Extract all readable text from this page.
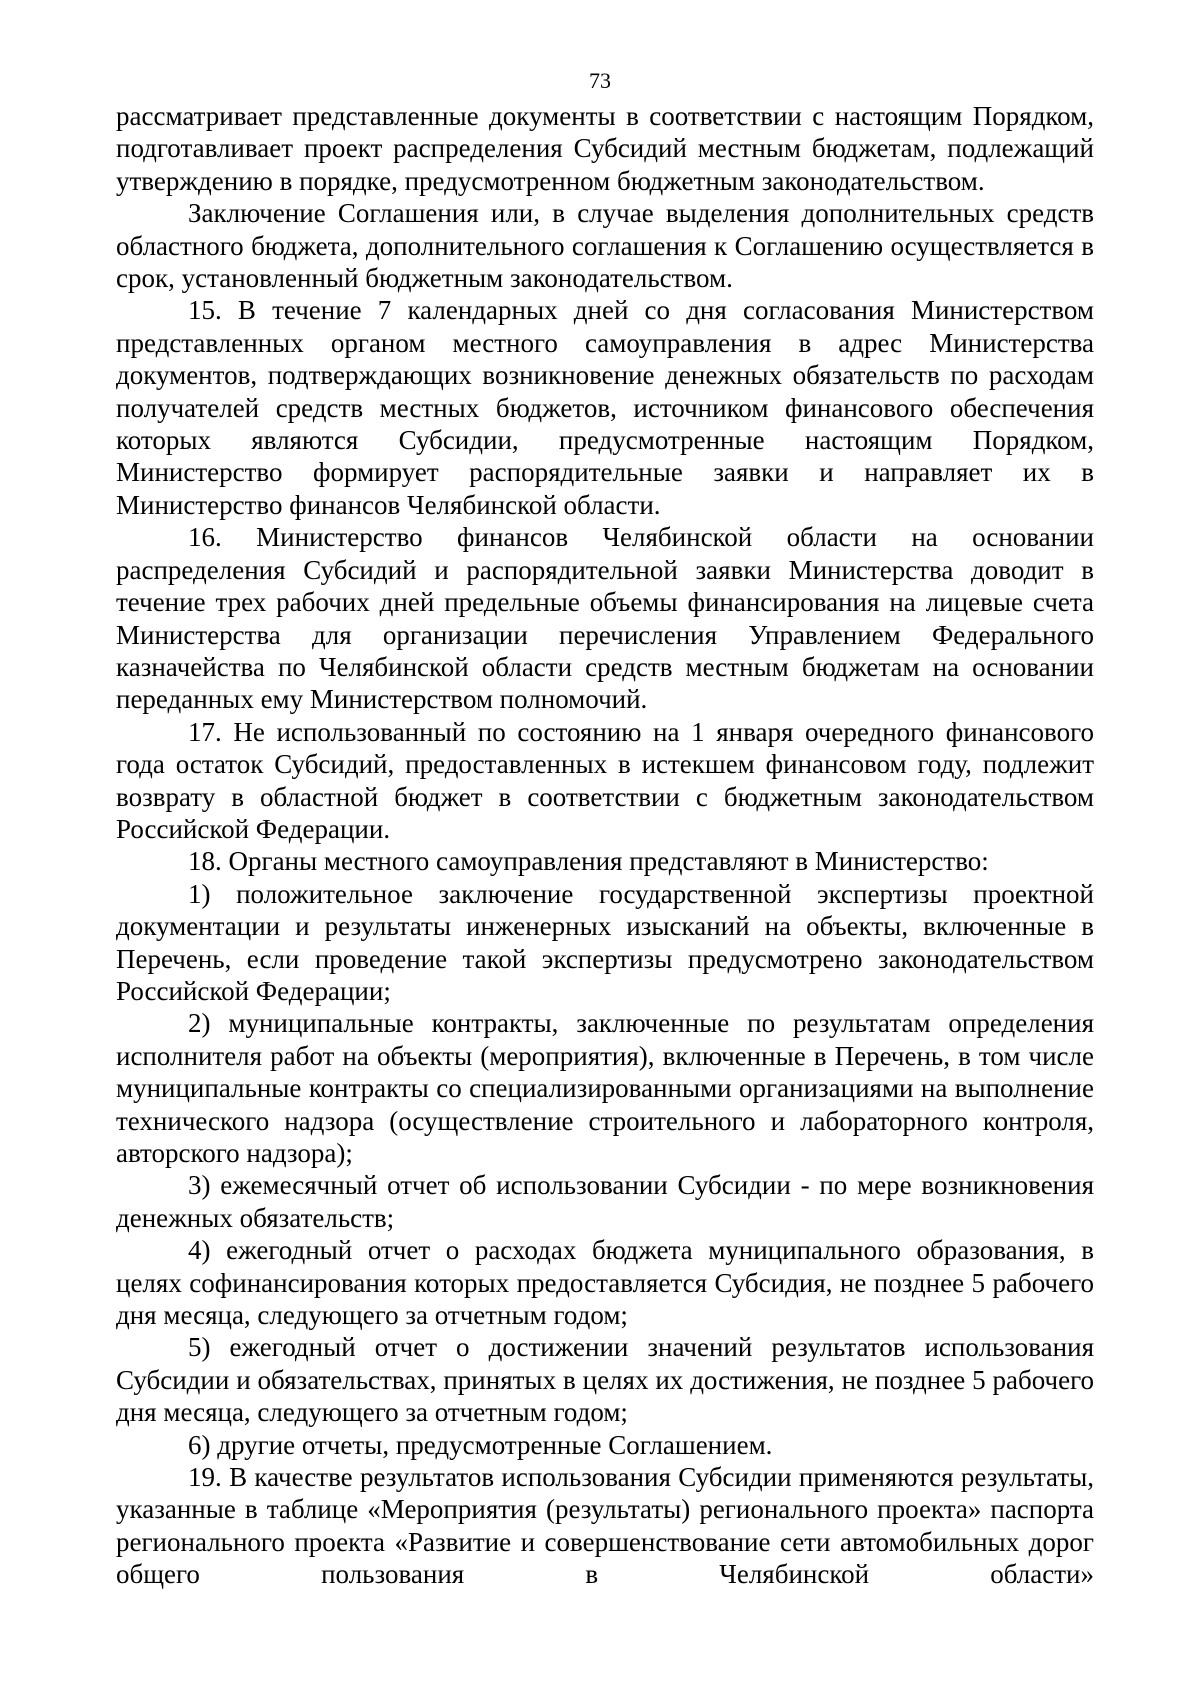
73

рассматривает представленные документы в соответствии с настоящим Порядком, подготавливает проект распределения Субсидий местным бюджетам, подлежащий утверждению в порядке, предусмотренном бюджетным законодательством.

Заключение Соглашения или, в случае выделения дополнительных средств областного бюджета, дополнительного соглашения к Соглашению осуществляется в срок, установленный бюджетным законодательством.

15. В течение 7 календарных дней со дня согласования Министерством представленных органом местного самоуправления в адрес Министерства документов, подтверждающих возникновение денежных обязательств по расходам получателей средств местных бюджетов, источником финансового обеспечения которых являются Субсидии, предусмотренные настоящим Порядком, Министерство формирует распорядительные заявки и направляет их в Министерство финансов Челябинской области.

16. Министерство финансов Челябинской области на основании распределения Субсидий и распорядительной заявки Министерства доводит в течение трех рабочих дней предельные объемы финансирования на лицевые счета Министерства для организации перечисления Управлением Федерального казначейства по Челябинской области средств местным бюджетам на основании переданных ему Министерством полномочий.

17. Не использованный по состоянию на 1 января очередного финансового года остаток Субсидий, предоставленных в истекшем финансовом году, подлежит возврату в областной бюджет в соответствии с бюджетным законодательством Российской Федерации.

18. Органы местного самоуправления представляют в Министерство:

1) положительное заключение государственной экспертизы проектной документации и результаты инженерных изысканий на объекты, включенные в Перечень, если проведение такой экспертизы предусмотрено законодательством Российской Федерации;

2) муниципальные контракты, заключенные по результатам определения исполнителя работ на объекты (мероприятия), включенные в Перечень, в том числе муниципальные контракты со специализированными организациями на выполнение технического надзора (осуществление строительного и лабораторного контроля, авторского надзора);

3) ежемесячный отчет об использовании Субсидии - по мере возникновения денежных обязательств;

4) ежегодный отчет о расходах бюджета муниципального образования, в целях софинансирования которых предоставляется Субсидия, не позднее 5 рабочего дня месяца, следующего за отчетным годом;

5) ежегодный отчет о достижении значений результатов использования Субсидии и обязательствах, принятых в целях их достижения, не позднее 5 рабочего дня месяца, следующего за отчетным годом;

6) другие отчеты, предусмотренные Соглашением.

19. В качестве результатов использования Субсидии применяются результаты, указанные в таблице «Мероприятия (результаты) регионального проекта» паспорта регионального проекта «Развитие и совершенствование сети автомобильных дорог общего пользования в Челябинской области»
